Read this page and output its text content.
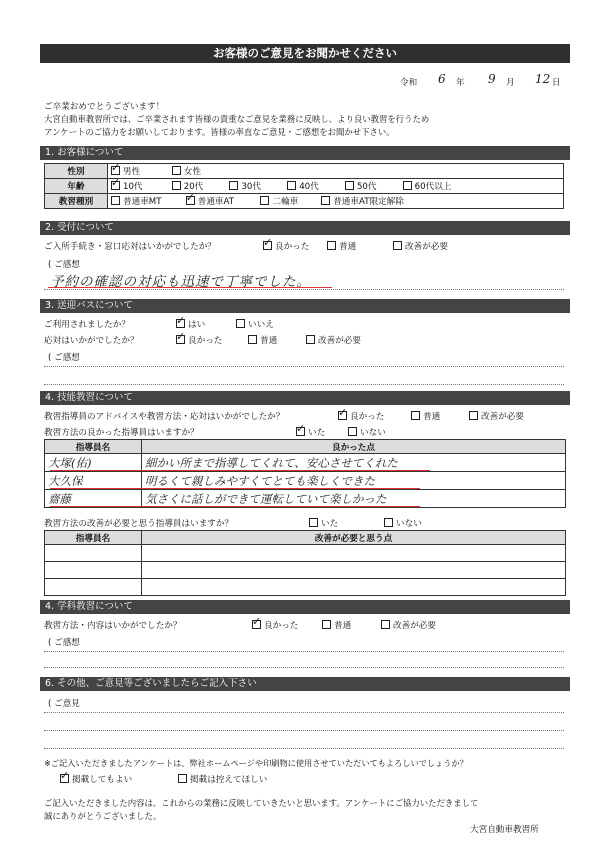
お客様のご意見をお聞かせください
令和 6 年 9 月 12 日
ご卒業おめでとうございます！
大宮自動車教習所では、ご卒業されます皆様の貴重なご意見を業務に反映し、より良い教習を行うため
アンケートのご協力をお願いしております。皆様の率直なご意見・ご感想をお聞かせ下さい。
1. お客様について
性別	✓男性 女性
年齢	✓10代 20代 30代 40代 50代 60代以上
教習種別	普通車MT ✓ 普通車AT 二輪車 普通車AT限定解除
2. 受付について
ご入所手続き・窓口応対はいかがでしたか？ ✓	良かった	普通	改善が必要
( ご感想
予約の確認の対応も迅速で丁寧でした。
3. 送迎バスについて
ご利用されましたか？ ✓	はい	いいえ
応対はいかがでしたか？ ✓	良かった	普通	改善が必要
( ご感想
4. 技能教習について
教習指導員のアドバイスや教習方法・応対はいかがでしたか？ ✓	良かった	普通	改善が必要
教習方法の良かった指導員はいますか？ ✓	いた	いない
指導員名	良かった点
大塚(佑)	細かい所まで指導してくれて、安心させてくれた
大久保	明るくて親しみやすくてとても楽しくできた
齋藤	気さくに話しができて運転していて楽しかった
教習方法の改善が必要と思う指導員はいますか？	いた	いない
指導員名	改善が必要と思う点

4. 学科教習について
教習方法・内容はいかがでしたか？ ✓	良かった	普通	改善が必要
( ご感想
6. その他、ご意見等ございましたらご記入下さい
( ご意見
※ご記入いただきましたアンケートは、弊社ホームページや印刷物に使用させていただいてもよろしいでしょうか？
✓掲載してもよい	掲載は控えてほしい
ご記入いただきました内容は、これからの業務に反映していきたいと思います。アンケートにご協力いただきまして
誠にありがとうございました。
大宮自動車教習所
